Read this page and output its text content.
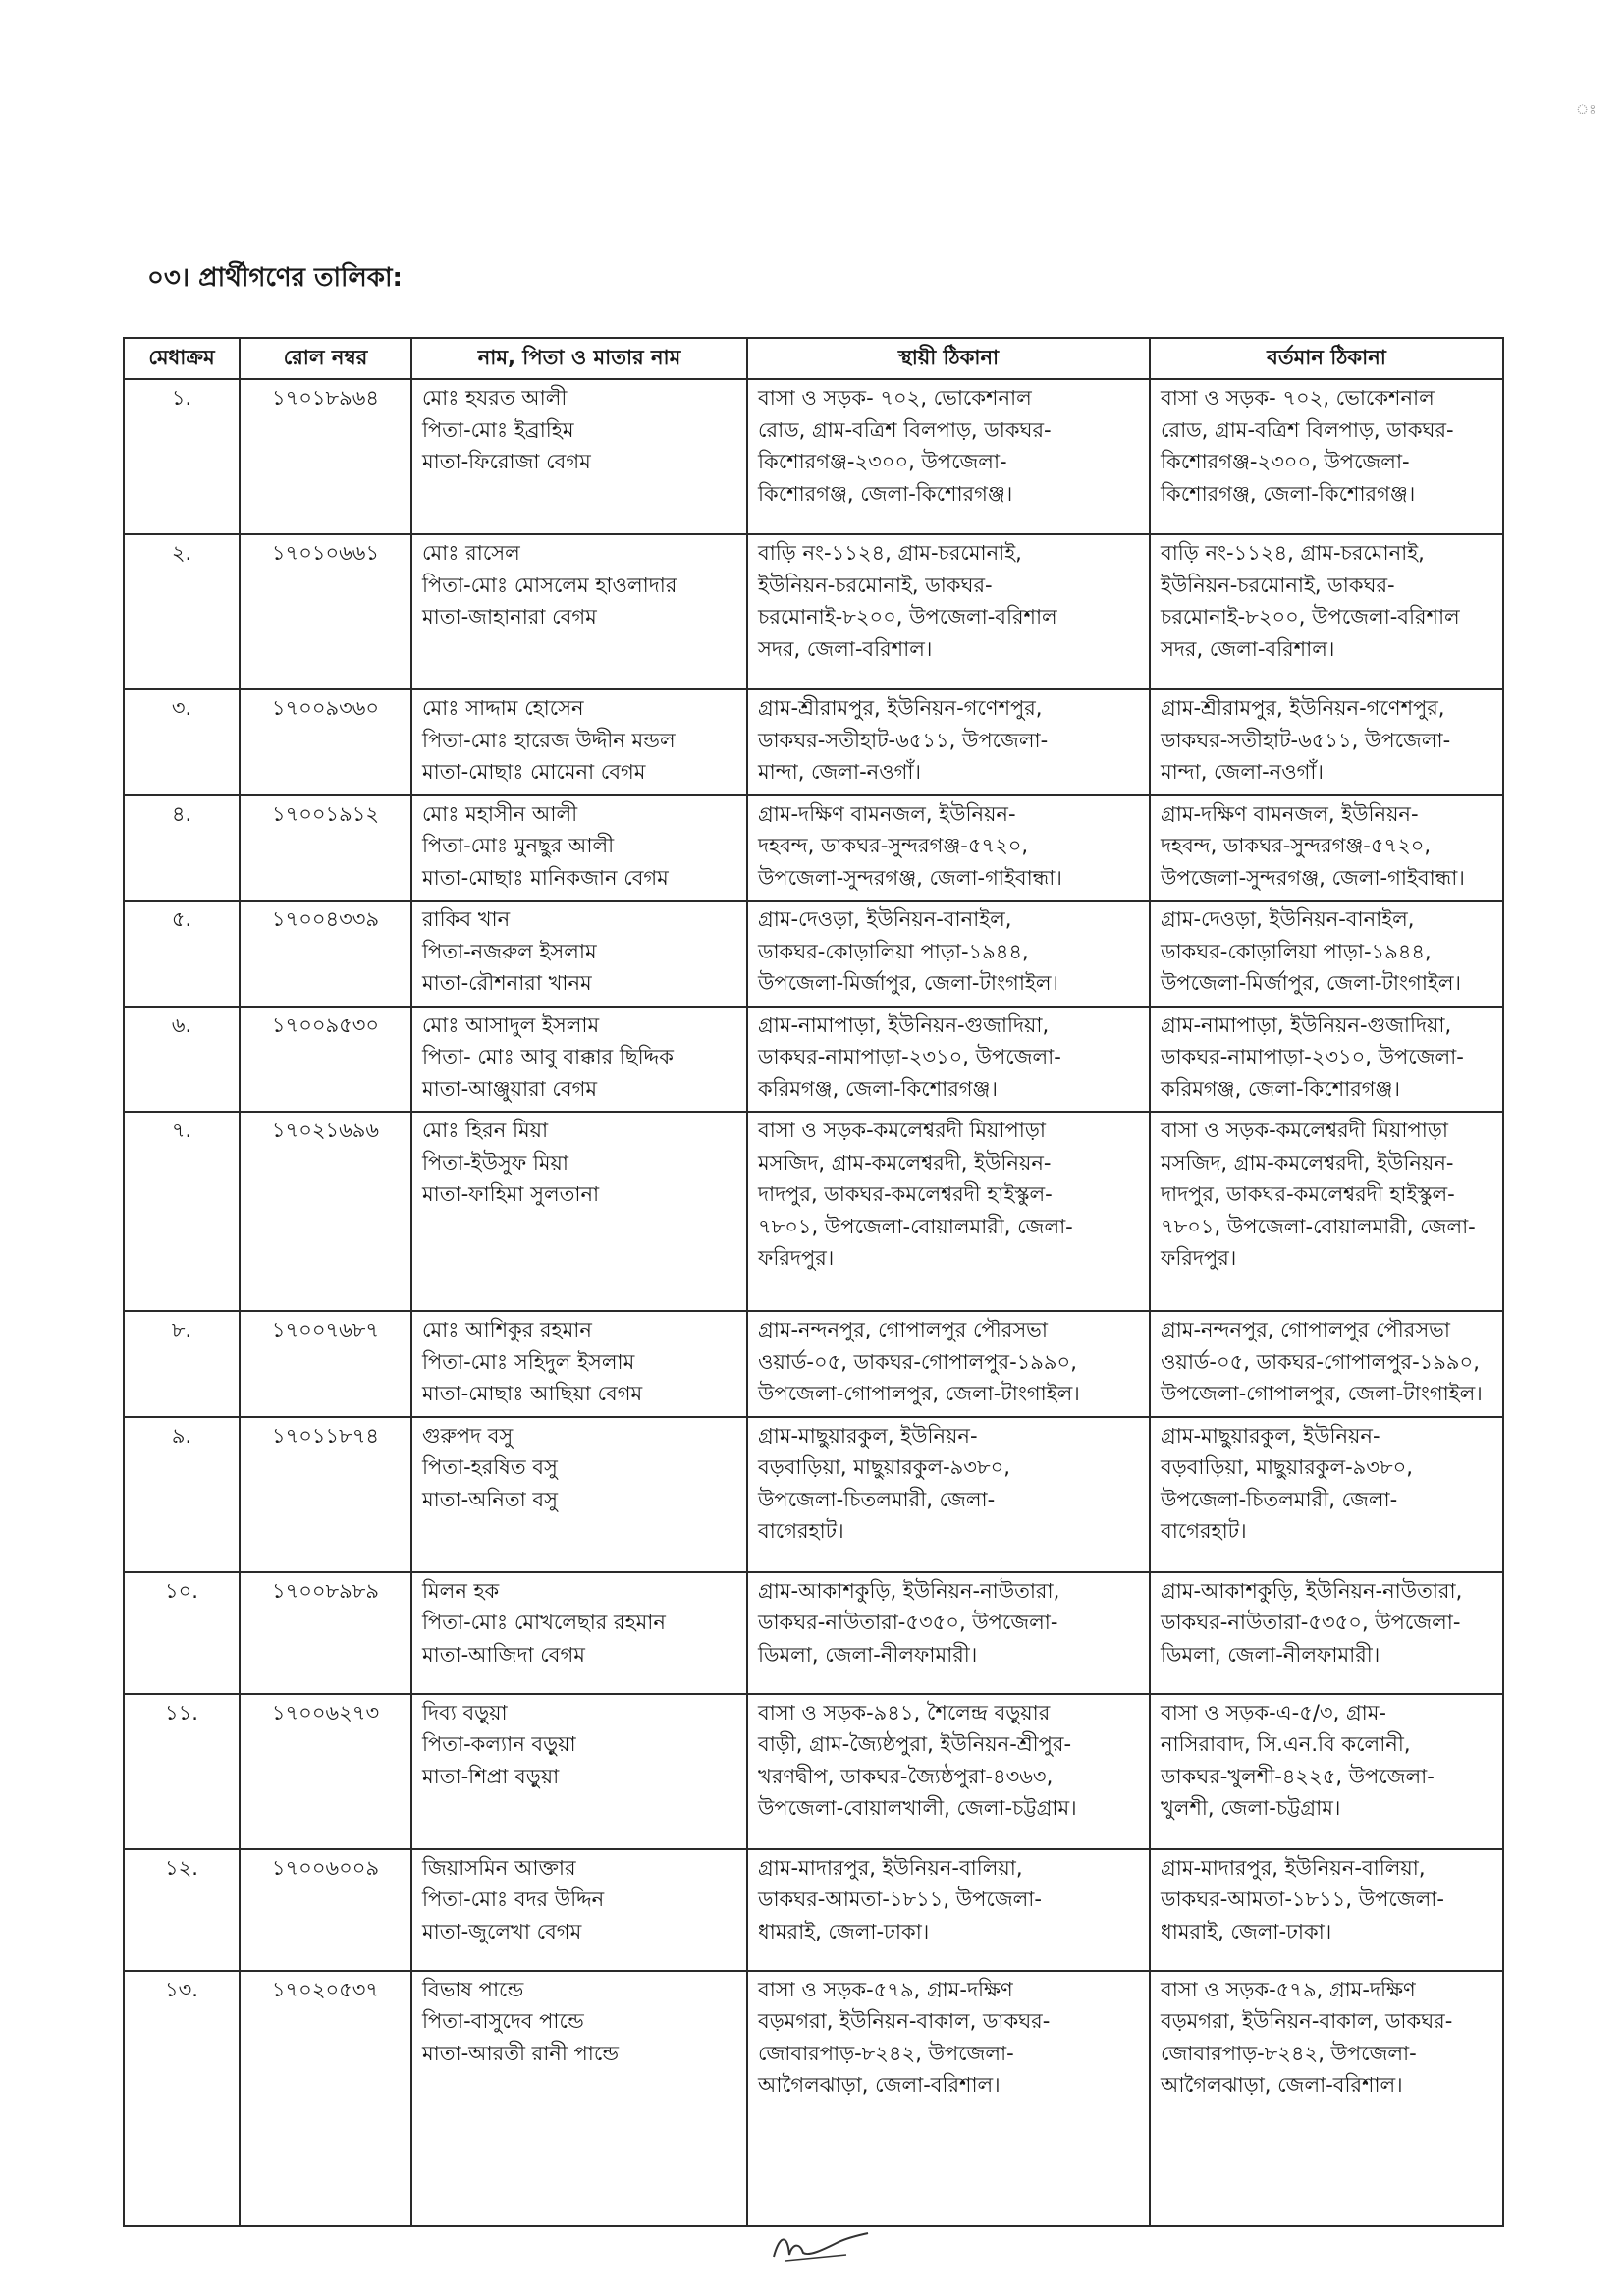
ঃ
০৩। প্রার্থীগণের তালিকা:
মেধাক্রম	রোল নম্বর	নাম, পিতা ও মাতার নাম	স্থায়ী ঠিকানা	বর্তমান ঠিকানা
১.	১৭০১৮৯৬৪	মোঃ হযরত আলী
পিতা-মোঃ ইব্রাহিম
মাতা-ফিরোজা বেগম	বাসা ও সড়ক- ৭০২, ভোকেশনাল
রোড, গ্রাম-বত্রিশ বিলপাড়, ডাকঘর-
কিশোরগঞ্জ-২৩০০, উপজেলা-
কিশোরগঞ্জ, জেলা-কিশোরগঞ্জ।	বাসা ও সড়ক- ৭০২, ভোকেশনাল
রোড, গ্রাম-বত্রিশ বিলপাড়, ডাকঘর-
কিশোরগঞ্জ-২৩০০, উপজেলা-
কিশোরগঞ্জ, জেলা-কিশোরগঞ্জ।
২.	১৭০১০৬৬১	মোঃ রাসেল
পিতা-মোঃ মোসলেম হাওলাদার
মাতা-জাহানারা বেগম	বাড়ি নং-১১২৪, গ্রাম-চরমোনাই,
ইউনিয়ন-চরমোনাই, ডাকঘর-
চরমোনাই-৮২০০, উপজেলা-বরিশাল
সদর, জেলা-বরিশাল।	বাড়ি নং-১১২৪, গ্রাম-চরমোনাই,
ইউনিয়ন-চরমোনাই, ডাকঘর-
চরমোনাই-৮২০০, উপজেলা-বরিশাল
সদর, জেলা-বরিশাল।
৩.	১৭০০৯৩৬০	মোঃ সাদ্দাম হোসেন
পিতা-মোঃ হারেজ উদ্দীন মন্ডল
মাতা-মোছাঃ মোমেনা বেগম	গ্রাম-শ্রীরামপুর, ইউনিয়ন-গণেশপুর,
ডাকঘর-সতীহাট-৬৫১১, উপজেলা-
মান্দা, জেলা-নওগাঁ।	গ্রাম-শ্রীরামপুর, ইউনিয়ন-গণেশপুর,
ডাকঘর-সতীহাট-৬৫১১, উপজেলা-
মান্দা, জেলা-নওগাঁ।
৪.	১৭০০১৯১২	মোঃ মহাসীন আলী
পিতা-মোঃ মুনছুর আলী
মাতা-মোছাঃ মানিকজান বেগম	গ্রাম-দক্ষিণ বামনজল, ইউনিয়ন-
দহবন্দ, ডাকঘর-সুন্দরগঞ্জ-৫৭২০,
উপজেলা-সুন্দরগঞ্জ, জেলা-গাইবান্ধা।	গ্রাম-দক্ষিণ বামনজল, ইউনিয়ন-
দহবন্দ, ডাকঘর-সুন্দরগঞ্জ-৫৭২০,
উপজেলা-সুন্দরগঞ্জ, জেলা-গাইবান্ধা।
৫.	১৭০০৪৩৩৯	রাকিব খান
পিতা-নজরুল ইসলাম
মাতা-রৌশনারা খানম	গ্রাম-দেওড়া, ইউনিয়ন-বানাইল,
ডাকঘর-কোড়ালিয়া পাড়া-১৯৪৪,
উপজেলা-মির্জাপুর, জেলা-টাংগাইল।	গ্রাম-দেওড়া, ইউনিয়ন-বানাইল,
ডাকঘর-কোড়ালিয়া পাড়া-১৯৪৪,
উপজেলা-মির্জাপুর, জেলা-টাংগাইল।
৬.	১৭০০৯৫৩০	মোঃ আসাদুল ইসলাম
পিতা- মোঃ আবু বাক্কার ছিদ্দিক
মাতা-আঞ্জুয়ারা বেগম	গ্রাম-নামাপাড়া, ইউনিয়ন-গুজাদিয়া,
ডাকঘর-নামাপাড়া-২৩১০, উপজেলা-
করিমগঞ্জ, জেলা-কিশোরগঞ্জ।	গ্রাম-নামাপাড়া, ইউনিয়ন-গুজাদিয়া,
ডাকঘর-নামাপাড়া-২৩১০, উপজেলা-
করিমগঞ্জ, জেলা-কিশোরগঞ্জ।
৭.	১৭০২১৬৯৬	মোঃ হিরন মিয়া
পিতা-ইউসুফ মিয়া
মাতা-ফাহিমা সুলতানা	বাসা ও সড়ক-কমলেশ্বরদী মিয়াপাড়া
মসজিদ, গ্রাম-কমলেশ্বরদী, ইউনিয়ন-
দাদপুর, ডাকঘর-কমলেশ্বরদী হাইস্কুল-
৭৮০১, উপজেলা-বোয়ালমারী, জেলা-
ফরিদপুর।	বাসা ও সড়ক-কমলেশ্বরদী মিয়াপাড়া
মসজিদ, গ্রাম-কমলেশ্বরদী, ইউনিয়ন-
দাদপুর, ডাকঘর-কমলেশ্বরদী হাইস্কুল-
৭৮০১, উপজেলা-বোয়ালমারী, জেলা-
ফরিদপুর।
৮.	১৭০০৭৬৮৭	মোঃ আশিকুর রহমান
পিতা-মোঃ সহিদুল ইসলাম
মাতা-মোছাঃ আছিয়া বেগম	গ্রাম-নন্দনপুর, গোপালপুর পৌরসভা
ওয়ার্ড-০৫, ডাকঘর-গোপালপুর-১৯৯০,
উপজেলা-গোপালপুর, জেলা-টাংগাইল।	গ্রাম-নন্দনপুর, গোপালপুর পৌরসভা
ওয়ার্ড-০৫, ডাকঘর-গোপালপুর-১৯৯০,
উপজেলা-গোপালপুর, জেলা-টাংগাইল।
৯.	১৭০১১৮৭৪	গুরুপদ বসু
পিতা-হরষিত বসু
মাতা-অনিতা বসু	গ্রাম-মাছুয়ারকুল, ইউনিয়ন-
বড়বাড়িয়া, মাছুয়ারকুল-৯৩৮০,
উপজেলা-চিতলমারী, জেলা-
বাগেরহাট।	গ্রাম-মাছুয়ারকুল, ইউনিয়ন-
বড়বাড়িয়া, মাছুয়ারকুল-৯৩৮০,
উপজেলা-চিতলমারী, জেলা-
বাগেরহাট।
১০.	১৭০০৮৯৮৯	মিলন হক
পিতা-মোঃ মোখলেছার রহমান
মাতা-আজিদা বেগম	গ্রাম-আকাশকুড়ি, ইউনিয়ন-নাউতারা,
ডাকঘর-নাউতারা-৫৩৫০, উপজেলা-
ডিমলা, জেলা-নীলফামারী।	গ্রাম-আকাশকুড়ি, ইউনিয়ন-নাউতারা,
ডাকঘর-নাউতারা-৫৩৫০, উপজেলা-
ডিমলা, জেলা-নীলফামারী।
১১.	১৭০০৬২৭৩	দিব্য বড়ুয়া
পিতা-কল্যান বড়ুয়া
মাতা-শিপ্রা বড়ুয়া	বাসা ও সড়ক-৯৪১, শৈলেন্দ্র বড়ুয়ার
বাড়ী, গ্রাম-জ্যৈষ্ঠপুরা, ইউনিয়ন-শ্রীপুর-
খরণদ্বীপ, ডাকঘর-জ্যৈষ্ঠপুরা-৪৩৬৩,
উপজেলা-বোয়ালখালী, জেলা-চট্টগ্রাম।	বাসা ও সড়ক-এ-৫/৩, গ্রাম-
নাসিরাবাদ, সি.এন.বি কলোনী,
ডাকঘর-খুলশী-৪২২৫, উপজেলা-
খুলশী, জেলা-চট্টগ্রাম।
১২.	১৭০০৬০০৯	জিয়াসমিন আক্তার
পিতা-মোঃ বদর উদ্দিন
মাতা-জুলেখা বেগম	গ্রাম-মাদারপুর, ইউনিয়ন-বালিয়া,
ডাকঘর-আমতা-১৮১১, উপজেলা-
ধামরাই, জেলা-ঢাকা।	গ্রাম-মাদারপুর, ইউনিয়ন-বালিয়া,
ডাকঘর-আমতা-১৮১১, উপজেলা-
ধামরাই, জেলা-ঢাকা।
১৩.	১৭০২০৫৩৭	বিভাষ পান্ডে
পিতা-বাসুদেব পান্ডে
মাতা-আরতী রানী পান্ডে	বাসা ও সড়ক-৫৭৯, গ্রাম-দক্ষিণ
বড়মগরা, ইউনিয়ন-বাকাল, ডাকঘর-
জোবারপাড়-৮২৪২, উপজেলা-
আগৈলঝাড়া, জেলা-বরিশাল।	বাসা ও সড়ক-৫৭৯, গ্রাম-দক্ষিণ
বড়মগরা, ইউনিয়ন-বাকাল, ডাকঘর-
জোবারপাড়-৮২৪২, উপজেলা-
আগৈলঝাড়া, জেলা-বরিশাল।
